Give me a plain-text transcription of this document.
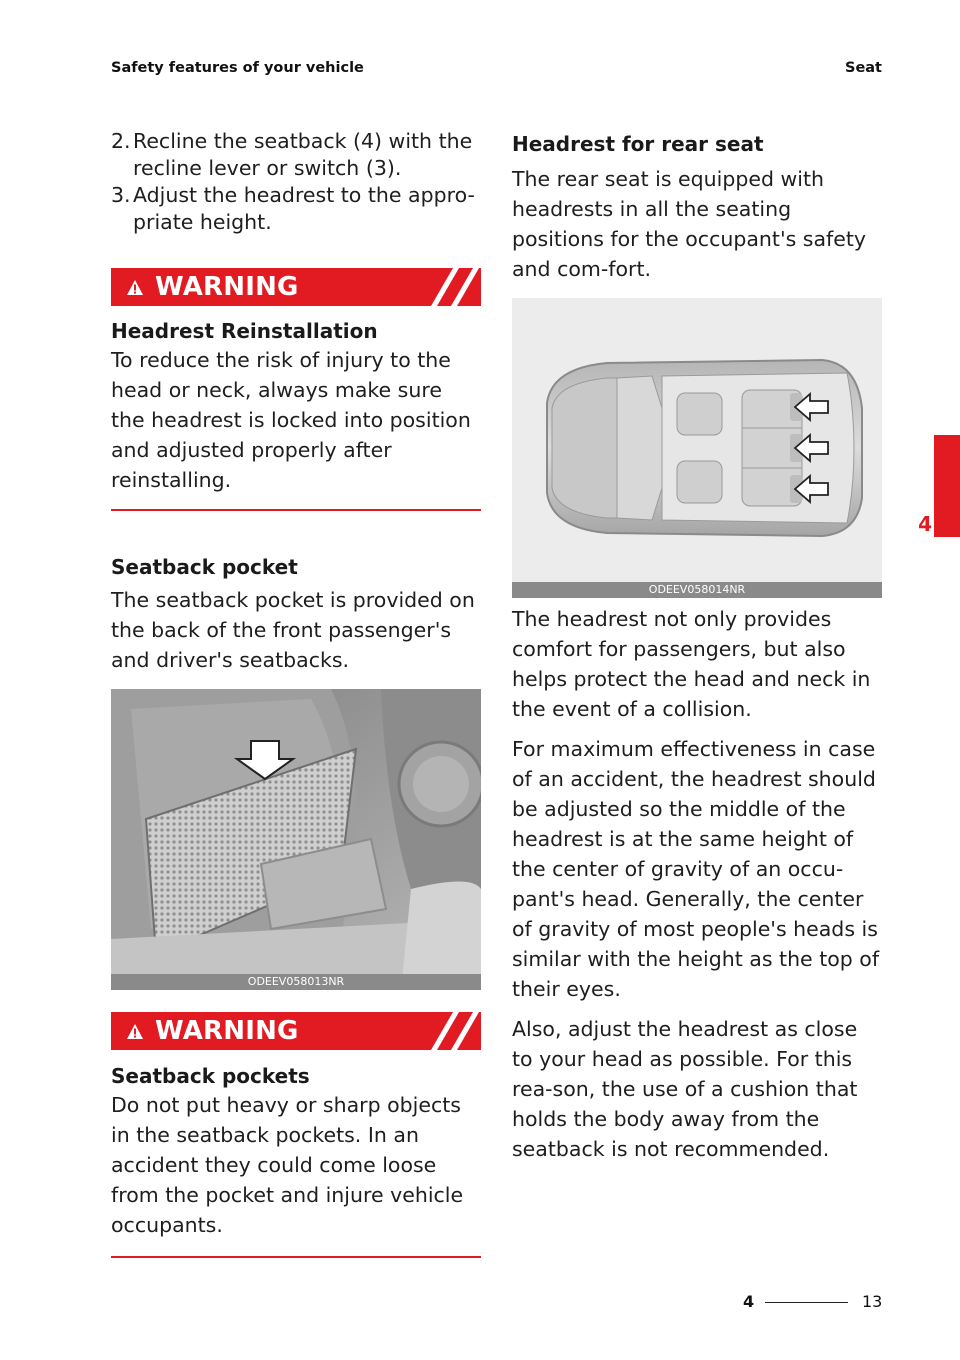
Safety features of your vehicle	Seat
2. Recline the seatback (4) with the
recline lever or switch (3).
3. Adjust the headrest to the appro-
priate height.
WARNING

Headrest Reinstallation

To reduce the risk of injury to the head or neck, always make sure the headrest is locked into position and adjusted properly after reinstalling.

Seatback pocket

The seatback pocket is provided on the back of the front passenger's and driver's seatbacks.

ODEEV058013NR
WARNING

Seatback pockets

Do not put heavy or sharp objects in the seatback pockets. In an accident they could come loose from the pocket and injure vehicle occupants.

Headrest for rear seat

The rear seat is equipped with headrests in all the seating positions for the occupant's safety and com-fort.

ODEEV058014NR

The headrest not only provides comfort for passengers, but also helps protect the head and neck in the event of a collision.

For maximum effectiveness in case of an accident, the headrest should be adjusted so the middle of the headrest is at the same height of the center of gravity of an occu-pant's head. Generally, the center of gravity of most people's heads is similar with the height as the top of their eyes.

Also, adjust the headrest as close to your head as possible. For this rea-son, the use of a cushion that holds the body away from the seatback is not recommended.

4
4	13
